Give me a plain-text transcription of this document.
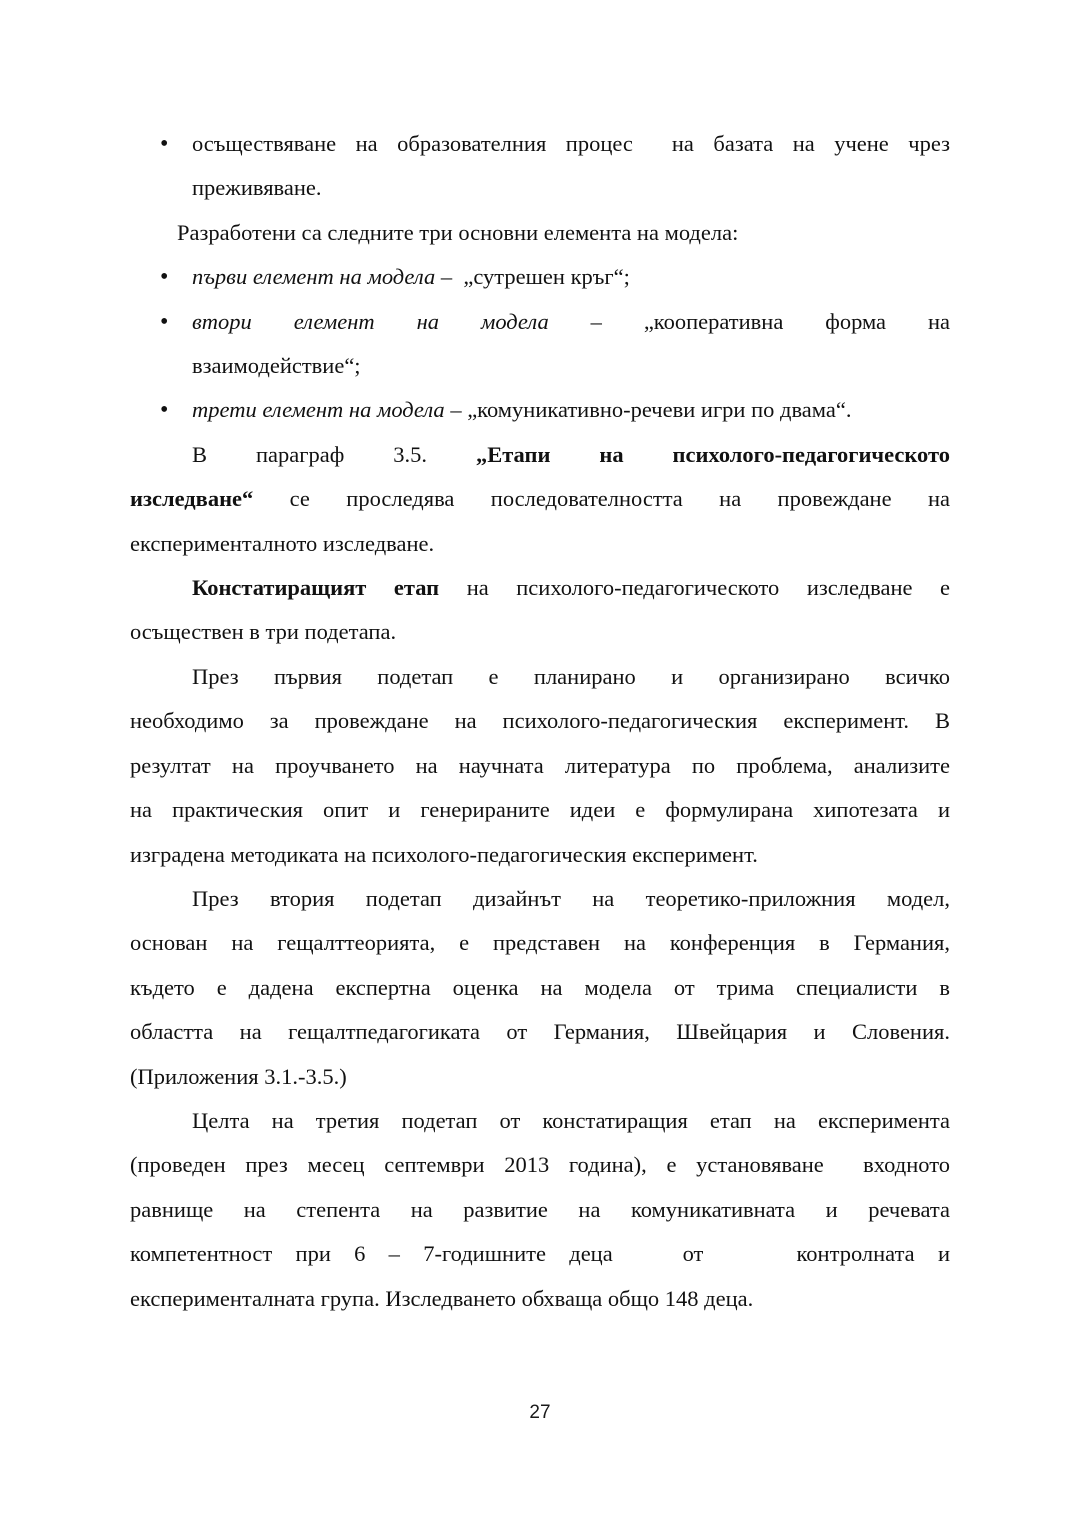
• осъществяване на образователния процес  на базата на учене чрез
преживяване.
Разработени са следните три основни елемента на модела:
• първи елемент на модела –  „сутрешен кръг“;
• втори елемент на модела – „кооперативна форма на
взаимодействие“;
• трети елемент на модела – „комуникативно-речеви игри по двама“.
В параграф 3.5. „Етапи на психолого-педагогическото
изследване“ се проследява последователността на провеждане на
експерименталното изследване.
Констатиращият етап на психолого-педагогическото изследване е
осъществен в три подетапа.
През първия подетап е планирано и организирано всичко
необходимо за провеждане на психолого-педагогическия експеримент. В
резултат на проучването на научната литература по проблема, анализите
на практическия опит и генерираните идеи е формулирана хипотезата и
изградена методиката на психолого-педагогическия експеримент.
През втория подетап дизайнът на теоретико-приложния модел,
основан на гещалттеорията, е представен на конференция в Германия,
където е дадена експертна оценка на модела от трима специалисти в
областта на гещалтпедагогиката от Германия, Швейцария и Словения.
(Приложения 3.1.-3.5.)
Целта на третия подетап от констатиращия етап на експеримента
(проведен през месец септември 2013 година), е установяване  входното
равнище на степента на развитие на комуникативната и речевата
компетентност при 6 – 7-годишните деца   от    контролната и
експерименталната група. Изследването обхваща общо 148 деца.
27
